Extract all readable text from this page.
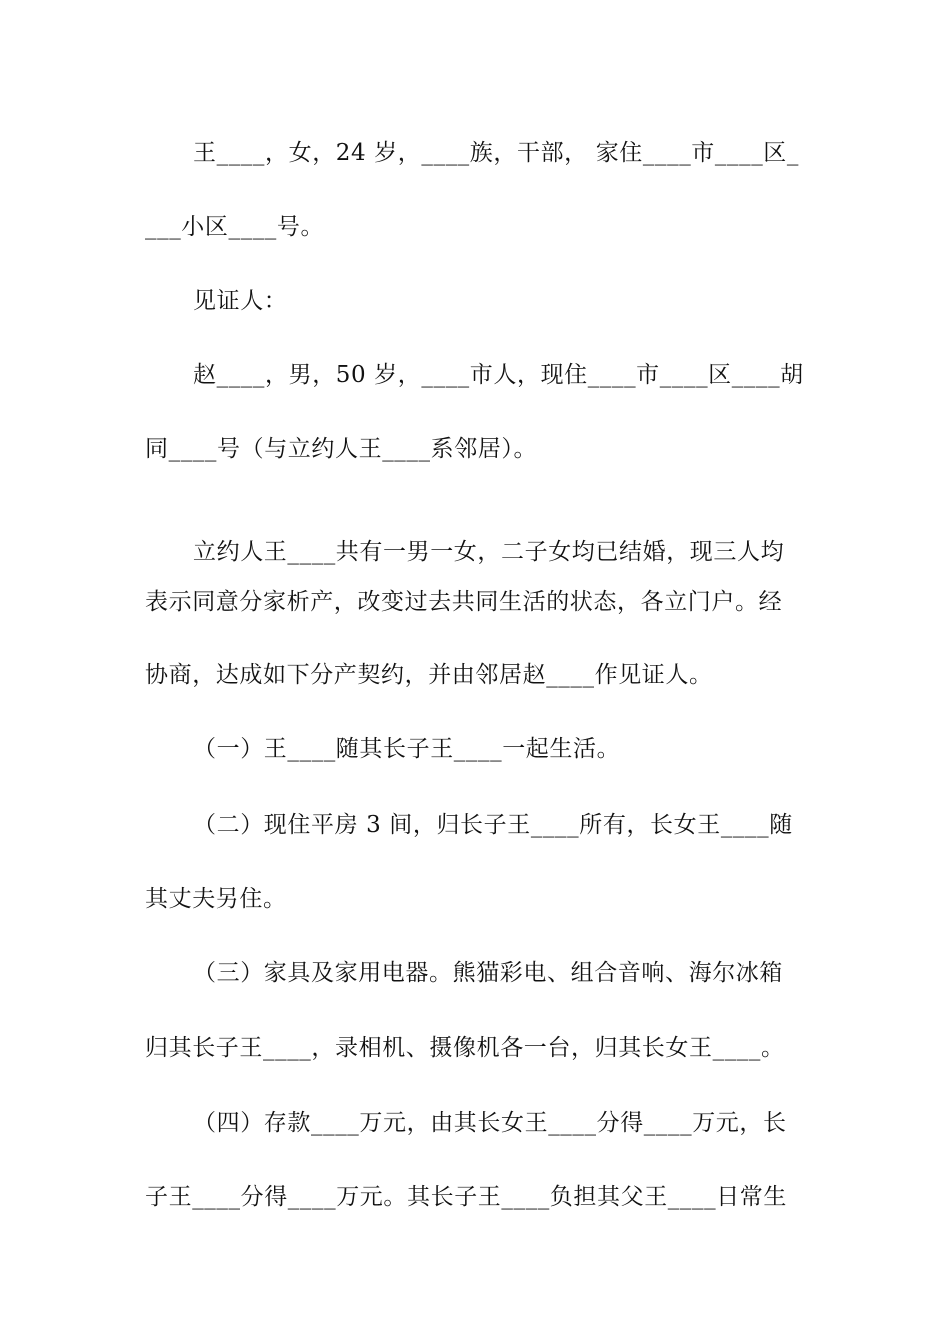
王____，女，24 岁，____族，干部， 家住____市____区_
___小区____号。
见证人：
赵____，男，50 岁，____市人，现住____市____区____胡
同____号（与立约人王____系邻居）。
立约人王____共有一男一女，二子女均已结婚，现三人均
表示同意分家析产，改变过去共同生活的状态，各立门户。经
协商，达成如下分产契约，并由邻居赵____作见证人。
（一）王____随其长子王____一起生活。
（二）现住平房 3 间，归长子王____所有，长女王____随
其丈夫另住。
（三）家具及家用电器。熊猫彩电、组合音响、海尔冰箱
归其长子王____，录相机、摄像机各一台，归其长女王____。
（四）存款____万元，由其长女王____分得____万元，长
子王____分得____万元。其长子王____负担其父王____日常生
